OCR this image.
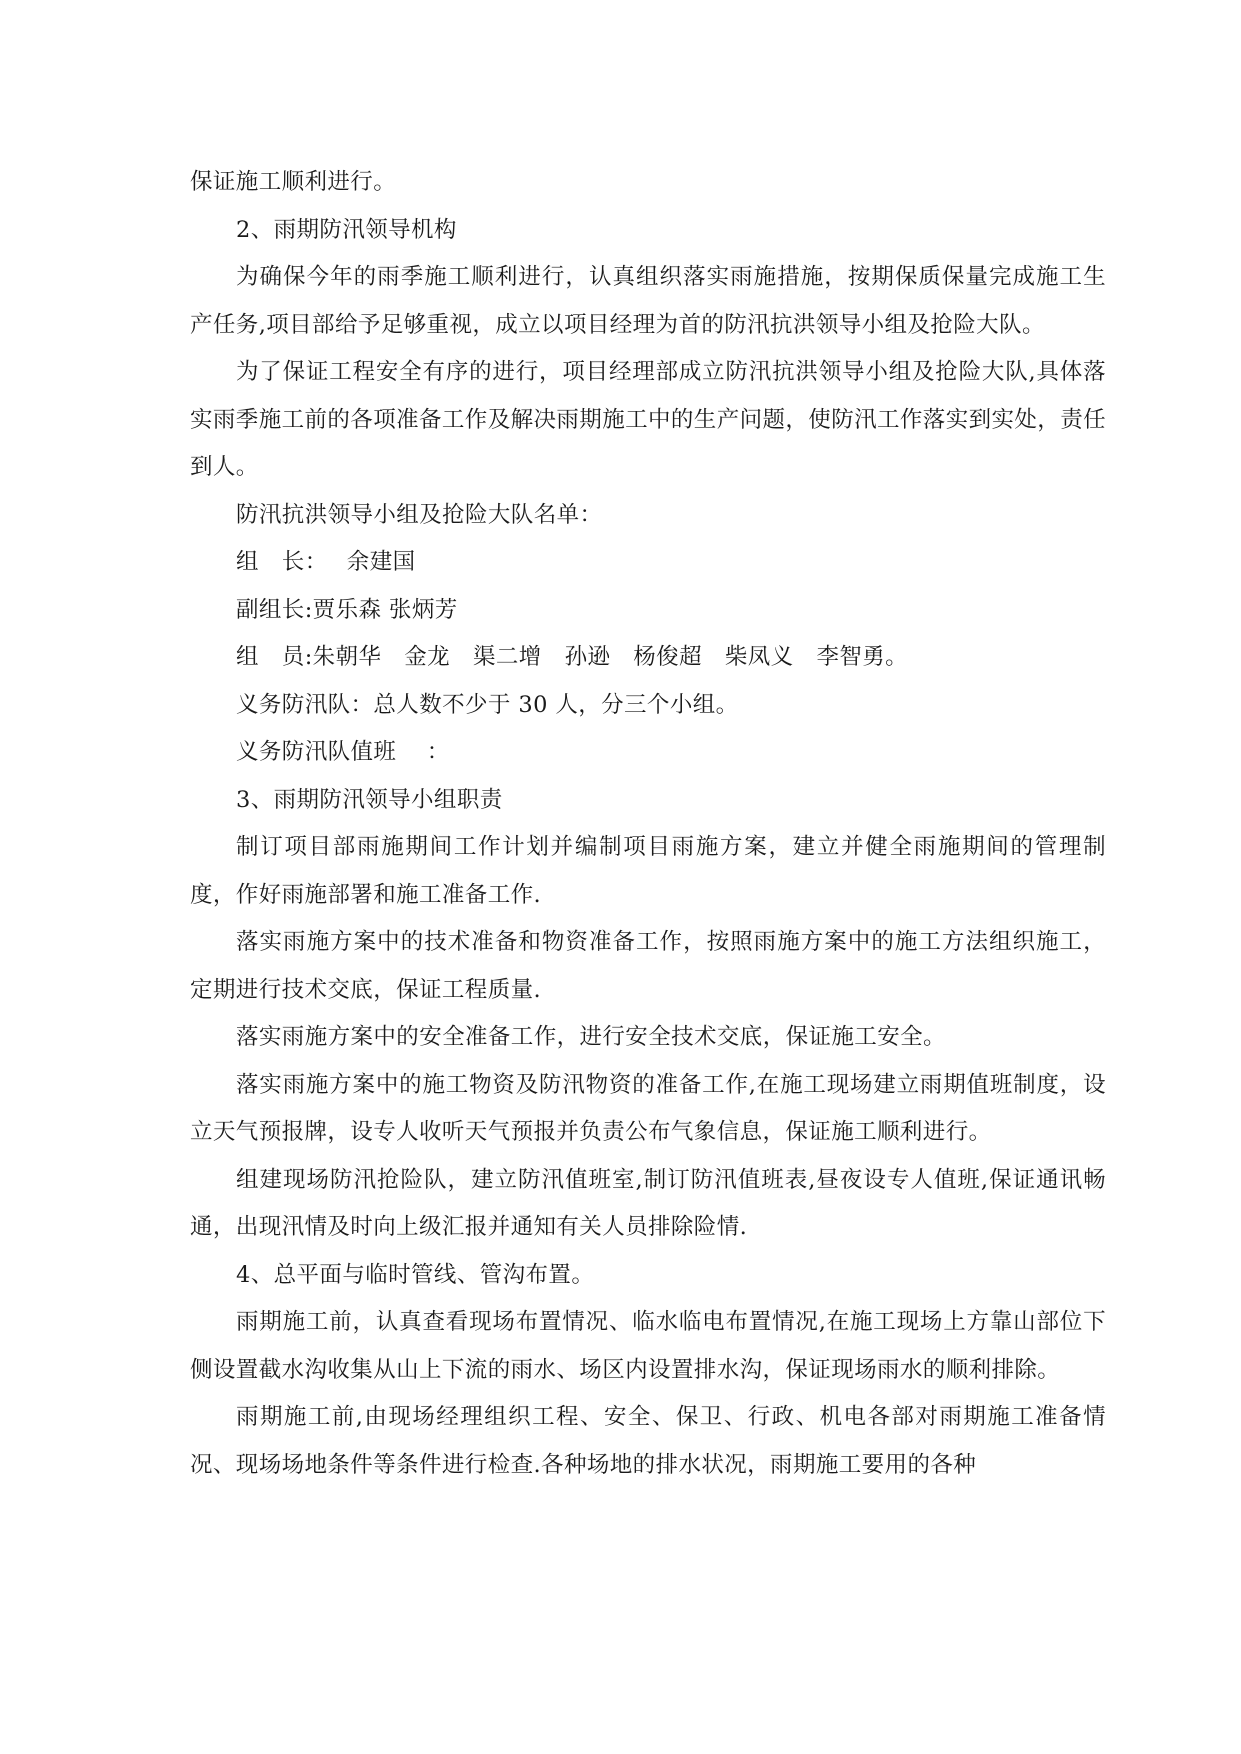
保证施工顺利进行。

2、雨期防汛领导机构

为确保今年的雨季施工顺利进行，认真组织落实雨施措施，按期保质保量完成施工生产任务,项目部给予足够重视，成立以项目经理为首的防汛抗洪领导小组及抢险大队。

为了保证工程安全有序的进行，项目经理部成立防汛抗洪领导小组及抢险大队,具体落实雨季施工前的各项准备工作及解决雨期施工中的生产问题，使防汛工作落实到实处，责任到人。

防汛抗洪领导小组及抢险大队名单：

组　长：　 余建国

副组长:贾乐森 张炳芳

组　员:朱朝华　金龙　渠二增　孙逊　杨俊超　柴凤义　李智勇。

义务防汛队：总人数不少于 30 人，分三个小组。

义务防汛队值班　 ：

3、雨期防汛领导小组职责

制订项目部雨施期间工作计划并编制项目雨施方案，建立并健全雨施期间的管理制度，作好雨施部署和施工准备工作.

落实雨施方案中的技术准备和物资准备工作，按照雨施方案中的施工方法组织施工，定期进行技术交底，保证工程质量.

落实雨施方案中的安全准备工作，进行安全技术交底，保证施工安全。

落实雨施方案中的施工物资及防汛物资的准备工作,在施工现场建立雨期值班制度，设立天气预报牌，设专人收听天气预报并负责公布气象信息，保证施工顺利进行。

组建现场防汛抢险队，建立防汛值班室,制订防汛值班表,昼夜设专人值班,保证通讯畅通，出现汛情及时向上级汇报并通知有关人员排除险情.

4、总平面与临时管线、管沟布置。

雨期施工前，认真查看现场布置情况、临水临电布置情况,在施工现场上方靠山部位下侧设置截水沟收集从山上下流的雨水、场区内设置排水沟，保证现场雨水的顺利排除。

雨期施工前,由现场经理组织工程、安全、保卫、行政、机电各部对雨期施工准备情况、现场场地条件等条件进行检查.各种场地的排水状况，雨期施工要用的各种
